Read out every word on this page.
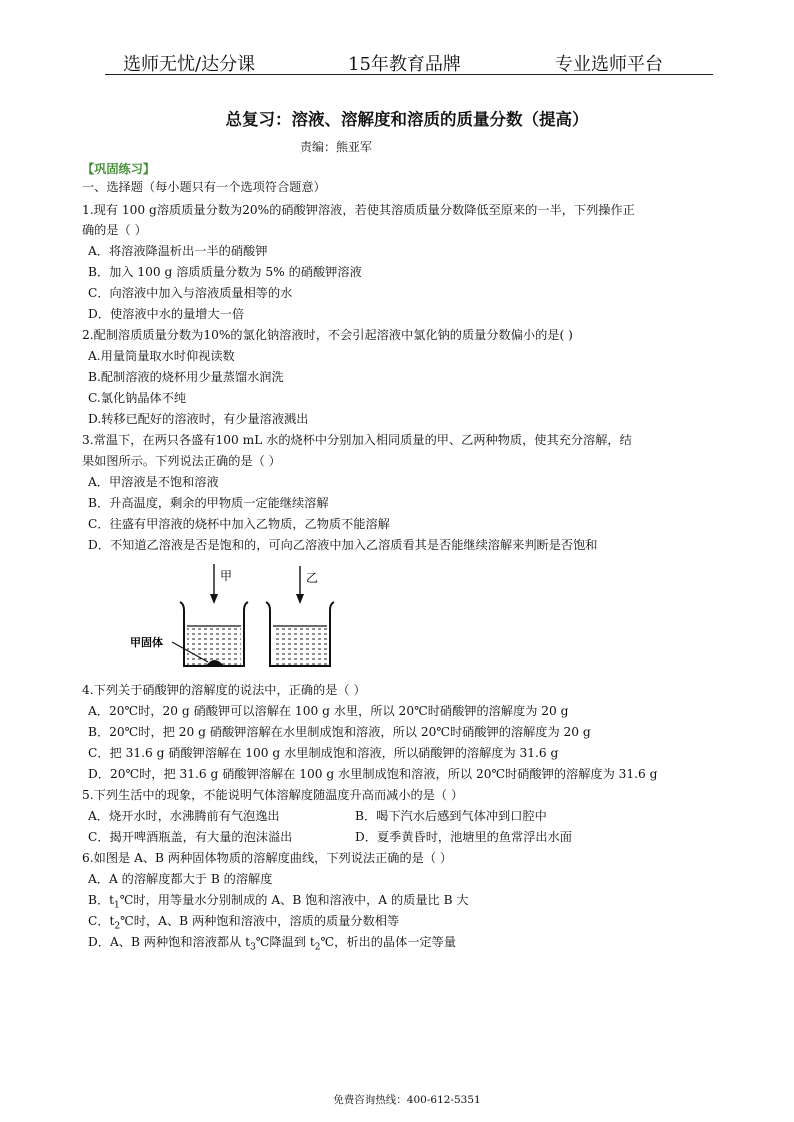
选师无忧/达分课	15年教育品牌	专业选师平台
总复习：溶液、溶解度和溶质的质量分数（提高）
责编：熊亚军
【巩固练习】
一、选择题（每小题只有一个选项符合题意）
1.现有 100 g溶质质量分数为20%的硝酸钾溶液，若使其溶质质量分数降低至原来的一半，下列操作正
确的是（ ）
A．将溶液降温析出一半的硝酸钾
B．加入 100 g 溶质质量分数为 5% 的硝酸钾溶液
C．向溶液中加入与溶液质量相等的水
D．使溶液中水的量增大一倍
2.配制溶质质量分数为10%的氯化钠溶液时，不会引起溶液中氯化钠的质量分数偏小的是( )
A.用量筒量取水时仰视读数
B.配制溶液的烧杯用少量蒸馏水润洗
C.氯化钠晶体不纯
D.转移已配好的溶液时，有少量溶液溅出
3.常温下，在两只各盛有100 mL 水的烧杯中分别加入相同质量的甲、乙两种物质，使其充分溶解，结
果如图所示。下列说法正确的是（ ）
A．甲溶液是不饱和溶液
B．升高温度，剩余的甲物质一定能继续溶解
C．往盛有甲溶液的烧杯中加入乙物质，乙物质不能溶解
D．不知道乙溶液是否是饱和的，可向乙溶液中加入乙溶质看其是否能继续溶解来判断是否饱和
甲	乙
甲固体
4.下列关于硝酸钾的溶解度的说法中，正确的是（ ）
A．20℃时，20 g 硝酸钾可以溶解在 100 g 水里，所以 20℃时硝酸钾的溶解度为 20 g
B．20℃时，把 20 g 硝酸钾溶解在水里制成饱和溶液，所以 20℃时硝酸钾的溶解度为 20 g
C．把 31.6 g 硝酸钾溶解在 100 g 水里制成饱和溶液，所以硝酸钾的溶解度为 31.6 g
D．20℃时，把 31.6 g 硝酸钾溶解在 100 g 水里制成饱和溶液，所以 20℃时硝酸钾的溶解度为 31.6 g
5.下列生活中的现象，不能说明气体溶解度随温度升高而减小的是（ ）
A．烧开水时，水沸腾前有气泡逸出	B．喝下汽水后感到气体冲到口腔中
C．揭开啤酒瓶盖，有大量的泡沫溢出	D．夏季黄昏时，池塘里的鱼常浮出水面
6.如图是 A、B 两种固体物质的溶解度曲线，下列说法正确的是（ ）
A．A 的溶解度都大于 B 的溶解度
B．$t_1℃$时，用等量水分别制成的 A、B 饱和溶液中，A 的质量比 B 大
C．$t_2℃$时，A、B 两种饱和溶液中，溶质的质量分数相等
D．A、B 两种饱和溶液都从 $t_3℃$降温到 $t_2℃$，析出的晶体一定等量
免费咨询热线：400-612-5351
